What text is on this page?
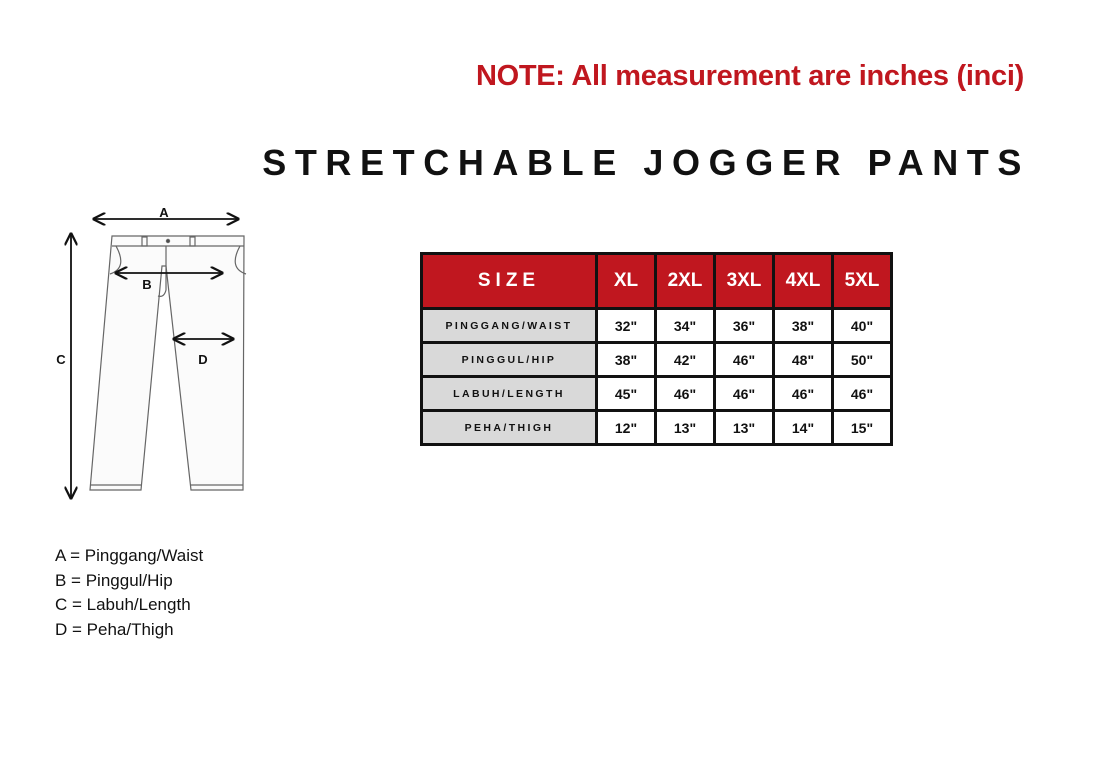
NOTE: All measurement are inches (inci)
STRETCHABLE JOGGER PANTS
A
B
C	D
A = Pinggang/Waist
B = Pinggul/Hip
C = Labuh/Length
D = Peha/Thigh
SIZE	XL	2XL	3XL	4XL	5XL
PINGGANG/WAIST	32"	34"	36"	38"	40"
PINGGUL/HIP	38"	42"	46"	48"	50"
LABUH/LENGTH	45"	46"	46"	46"	46"
PEHA/THIGH	12"	13"	13"	14"	15"
